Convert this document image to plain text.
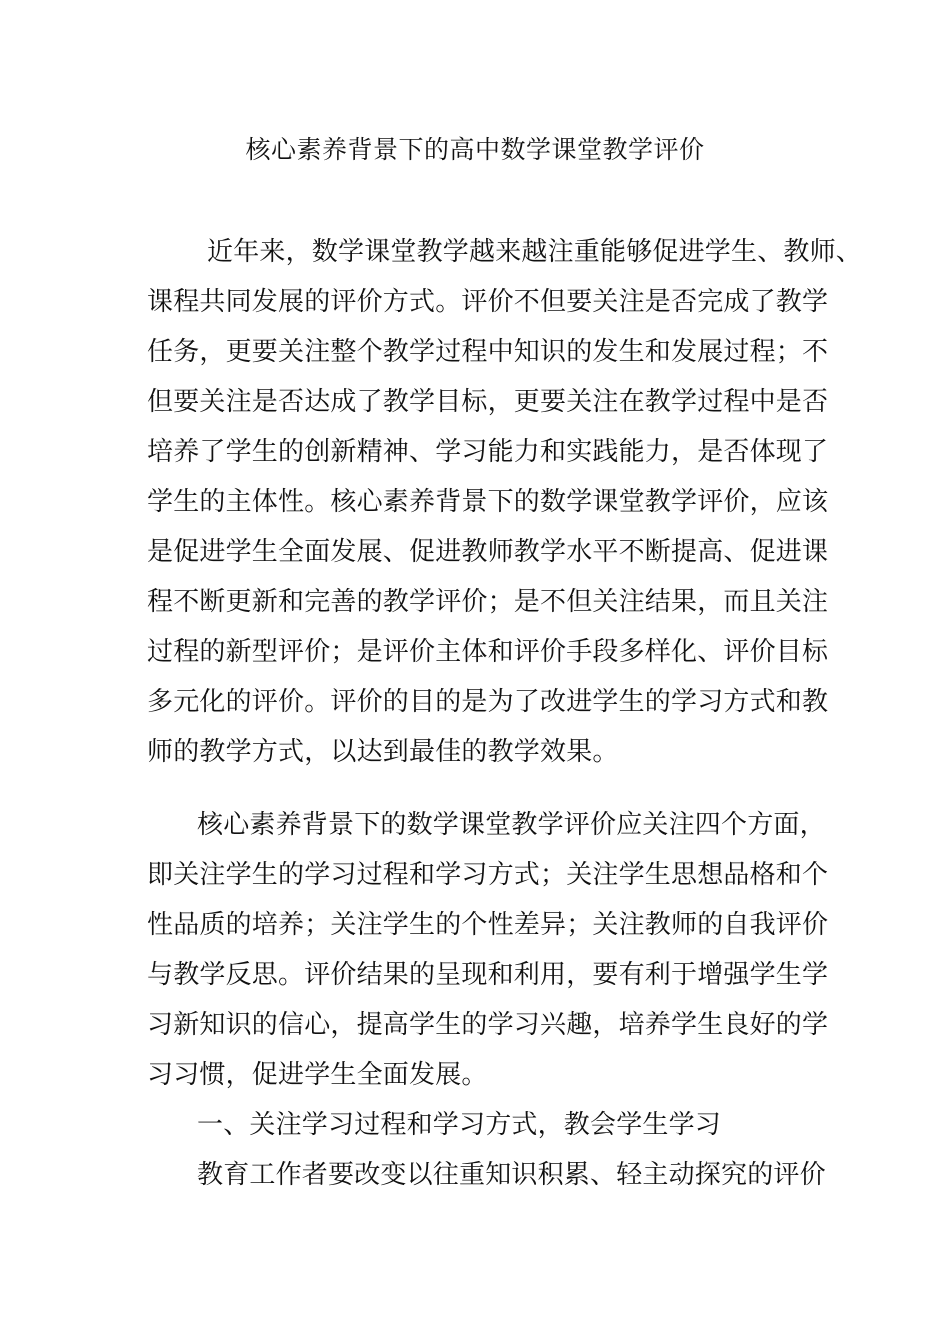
核心素养背景下的高中数学课堂教学评价
近年来，数学课堂教学越来越注重能够促进学生、教师、
课程共同发展的评价方式。评价不但要关注是否完成了教学
任务，更要关注整个教学过程中知识的发生和发展过程；不
但要关注是否达成了教学目标，更要关注在教学过程中是否
培养了学生的创新精神、学习能力和实践能力，是否体现了
学生的主体性。核心素养背景下的数学课堂教学评价，应该
是促进学生全面发展、促进教师教学水平不断提高、促进课
程不断更新和完善的教学评价；是不但关注结果，而且关注
过程的新型评价；是评价主体和评价手段多样化、评价目标
多元化的评价。评价的目的是为了改进学生的学习方式和教
师的教学方式，以达到最佳的教学效果。
核心素养背景下的数学课堂教学评价应关注四个方面，
即关注学生的学习过程和学习方式；关注学生思想品格和个
性品质的培养；关注学生的个性差异；关注教师的自我评价
与教学反思。评价结果的呈现和利用，要有利于增强学生学
习新知识的信心，提高学生的学习兴趣，培养学生良好的学
习习惯，促进学生全面发展。
一、关注学习过程和学习方式，教会学生学习
教育工作者要改变以往重知识积累、轻主动探究的评价
